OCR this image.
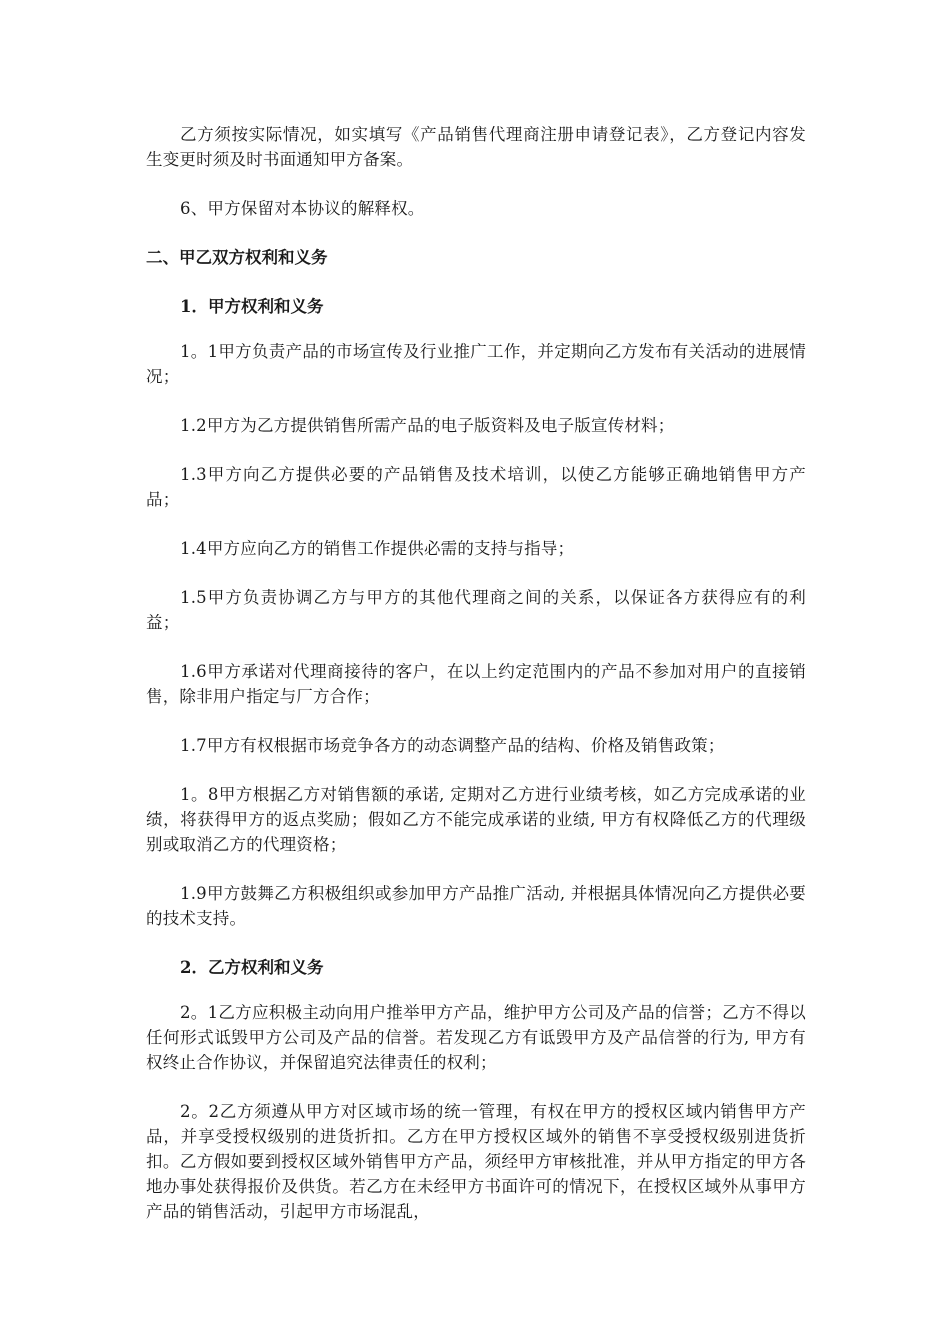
乙方须按实际情况，如实填写《产品销售代理商注册申请登记表》，乙方登记内容发生变更时须及时书面通知甲方备案。

6、甲方保留对本协议的解释权。

二、甲乙双方权利和义务

1．甲方权利和义务

1。1甲方负责产品的市场宣传及行业推广工作，并定期向乙方发布有关活动的进展情况；

1.2甲方为乙方提供销售所需产品的电子版资料及电子版宣传材料；

1.3甲方向乙方提供必要的产品销售及技术培训，以使乙方能够正确地销售甲方产品；

1.4甲方应向乙方的销售工作提供必需的支持与指导；

1.5甲方负责协调乙方与甲方的其他代理商之间的关系，以保证各方获得应有的利益；

1.6甲方承诺对代理商接待的客户，在以上约定范围内的产品不参加对用户的直接销售，除非用户指定与厂方合作；

1.7甲方有权根据市场竞争各方的动态调整产品的结构、价格及销售政策；

1。8甲方根据乙方对销售额的承诺, 定期对乙方进行业绩考核，如乙方完成承诺的业绩，将获得甲方的返点奖励；假如乙方不能完成承诺的业绩, 甲方有权降低乙方的代理级别或取消乙方的代理资格；

1.9甲方鼓舞乙方积极组织或参加甲方产品推广活动, 并根据具体情况向乙方提供必要的技术支持。

2．乙方权利和义务

2。1乙方应积极主动向用户推举甲方产品，维护甲方公司及产品的信誉；乙方不得以任何形式诋毁甲方公司及产品的信誉。若发现乙方有诋毁甲方及产品信誉的行为, 甲方有权终止合作协议，并保留追究法律责任的权利；

2。2乙方须遵从甲方对区域市场的统一管理，有权在甲方的授权区域内销售甲方产品，并享受授权级别的进货折扣。乙方在甲方授权区域外的销售不享受授权级别进货折扣。乙方假如要到授权区域外销售甲方产品，须经甲方审核批准，并从甲方指定的甲方各地办事处获得报价及供货。若乙方在未经甲方书面许可的情况下，在授权区域外从事甲方产品的销售活动，引起甲方市场混乱，
